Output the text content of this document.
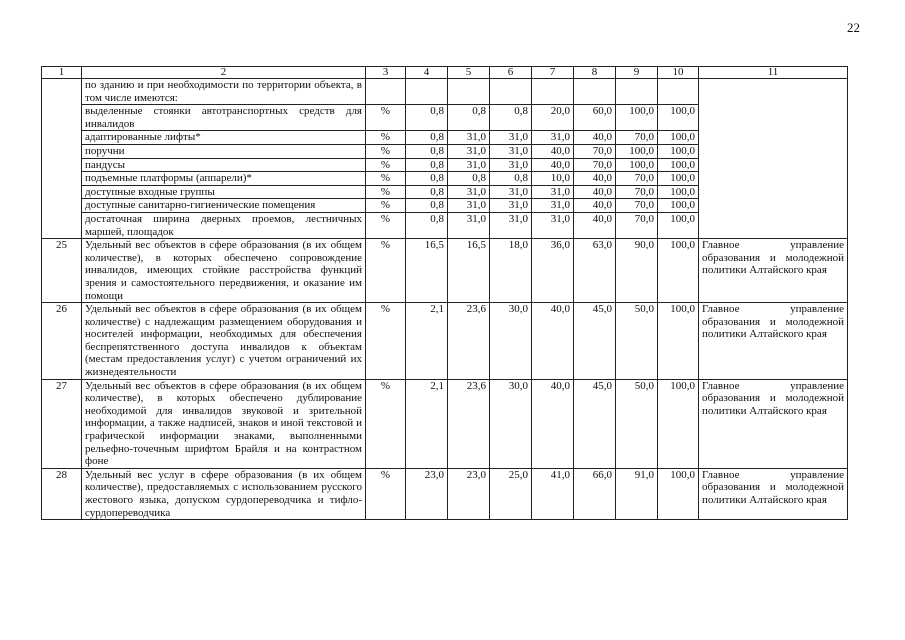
22
1	2	3	4	5	6	7	8	9	10	11
	по зданию и при необходимости по территории объекта, в том числе имеются:									
	выделенные стоянки автотранспортных средств для инвалидов	%	0,8	0,8	0,8	20,0	60,0	100,0	100,0	
	адаптированные лифты*	%	0,8	31,0	31,0	31,0	40,0	70,0	100,0	
	поручни	%	0,8	31,0	31,0	40,0	70,0	100,0	100,0	
	пандусы	%	0,8	31,0	31,0	40,0	70,0	100,0	100,0	
	подъемные платформы (аппарели)*	%	0,8	0,8	0,8	10,0	40,0	70,0	100,0	
	доступные входные группы	%	0,8	31,0	31,0	31,0	40,0	70,0	100,0	
	доступные санитарно-гигиенические помещения	%	0,8	31,0	31,0	31,0	40,0	70,0	100,0	
	достаточная ширина дверных проемов, лестничных маршей, площадок	%	0,8	31,0	31,0	31,0	40,0	70,0	100,0	
25	Удельный вес объектов в сфере образования (в их общем количестве), в которых обеспечено сопровождение инвалидов, имеющих стойкие расстройства функций зрения и самостоятельного передвижения, и оказание им помощи	%	16,5	16,5	18,0	36,0	63,0	90,0	100,0	Главное управление образования и молодежной политики Алтайского края
26	Удельный вес объектов в сфере образования (в их общем количестве) с надлежащим размещением оборудования и носителей информации, необходимых для обеспечения беспрепятственного доступа инвалидов к объектам (местам предоставления услуг) с учетом ограничений их жизнедеятельности	%	2,1	23,6	30,0	40,0	45,0	50,0	100,0	Главное управление образования и молодежной политики Алтайского края
27	Удельный вес объектов в сфере образования (в их общем количестве), в которых обеспечено дублирование необходимой для инвалидов звуковой и зрительной информации, а также надписей, знаков и иной текстовой и графической информации знаками, выполненными рельефно-точечным шрифтом Брайля и на контрастном фоне	%	2,1	23,6	30,0	40,0	45,0	50,0	100,0	Главное управление образования и молодежной политики Алтайского края
28	Удельный вес услуг в сфере образования (в их общем количестве), предоставляемых с использованием русского жестового языка, допуском сурдопереводчика и тифло-сурдопереводчика	%	23,0	23,0	25,0	41,0	66,0	91,0	100,0	Главное управление образования и молодежной политики Алтайского края
